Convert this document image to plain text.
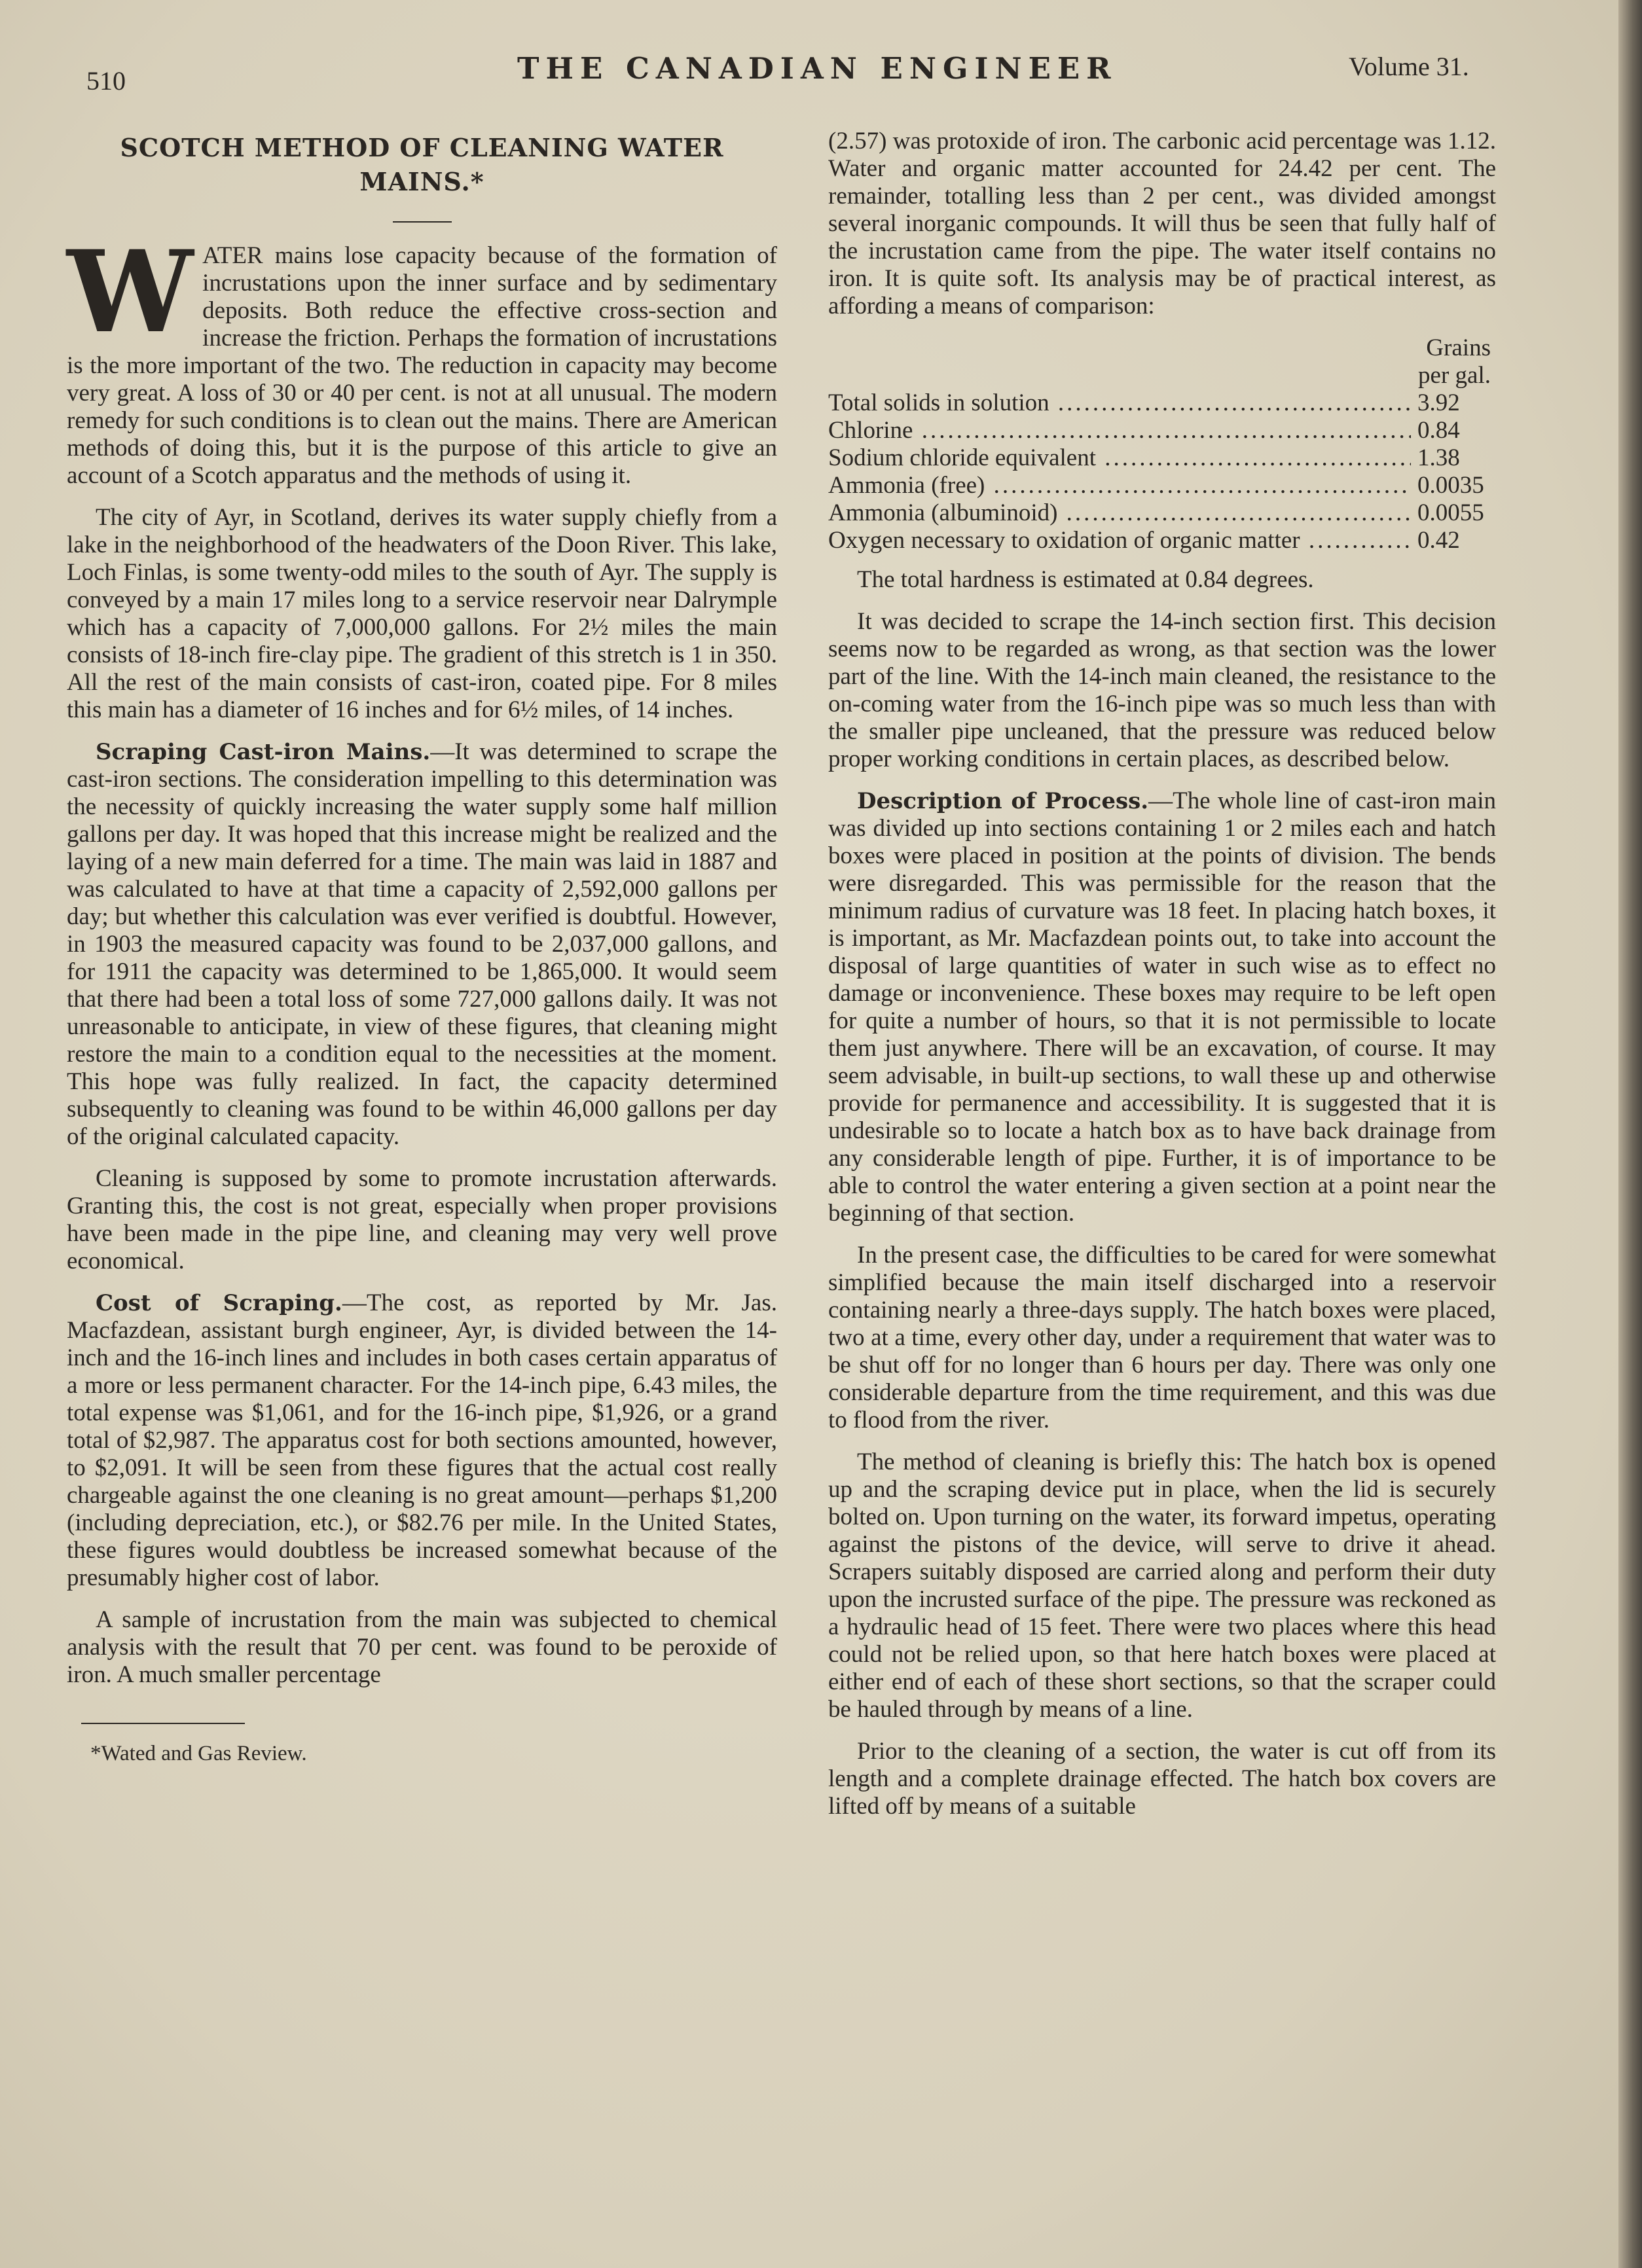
510	THE CANADIAN ENGINEER	Volume 31.
SCOTCH METHOD OF CLEANING WATER MAINS.*

WATER mains lose capacity because of the formation of incrustations upon the inner surface and by sedimentary deposits. Both reduce the effective cross-section and increase the friction. Perhaps the formation of incrustations is the more important of the two. The reduction in capacity may become very great. A loss of 30 or 40 per cent. is not at all unusual. The modern remedy for such conditions is to clean out the mains. There are American methods of doing this, but it is the purpose of this article to give an account of a Scotch apparatus and the methods of using it.

The city of Ayr, in Scotland, derives its water supply chiefly from a lake in the neighborhood of the headwaters of the Doon River. This lake, Loch Finlas, is some twenty-odd miles to the south of Ayr. The supply is conveyed by a main 17 miles long to a service reservoir near Dalrymple which has a capacity of 7,000,000 gallons. For 2½ miles the main consists of 18-inch fire-clay pipe. The gradient of this stretch is 1 in 350. All the rest of the main consists of cast-iron, coated pipe. For 8 miles this main has a diameter of 16 inches and for 6½ miles, of 14 inches.

Scraping Cast-iron Mains.—It was determined to scrape the cast-iron sections. The consideration impelling to this determination was the necessity of quickly increasing the water supply some half million gallons per day. It was hoped that this increase might be realized and the laying of a new main deferred for a time. The main was laid in 1887 and was calculated to have at that time a capacity of 2,592,000 gallons per day; but whether this calculation was ever verified is doubtful. However, in 1903 the measured capacity was found to be 2,037,000 gallons, and for 1911 the capacity was determined to be 1,865,000. It would seem that there had been a total loss of some 727,000 gallons daily. It was not unreasonable to anticipate, in view of these figures, that cleaning might restore the main to a condition equal to the necessities at the moment. This hope was fully realized. In fact, the capacity determined subsequently to cleaning was found to be within 46,000 gallons per day of the original calculated capacity.

Cleaning is supposed by some to promote incrustation afterwards. Granting this, the cost is not great, especially when proper provisions have been made in the pipe line, and cleaning may very well prove economical.

Cost of Scraping.—The cost, as reported by Mr. Jas. Macfazdean, assistant burgh engineer, Ayr, is divided between the 14-inch and the 16-inch lines and includes in both cases certain apparatus of a more or less permanent character. For the 14-inch pipe, 6.43 miles, the total expense was $1,061, and for the 16-inch pipe, $1,926, or a grand total of $2,987. The apparatus cost for both sections amounted, however, to $2,091. It will be seen from these figures that the actual cost really chargeable against the one cleaning is no great amount—perhaps $1,200 (including depreciation, etc.), or $82.76 per mile. In the United States, these figures would doubtless be increased somewhat because of the presumably higher cost of labor.

A sample of incrustation from the main was subjected to chemical analysis with the result that 70 per cent. was found to be peroxide of iron. A much smaller percentage

*Wated and Gas Review.

(2.57) was protoxide of iron. The carbonic acid percentage was 1.12. Water and organic matter accounted for 24.42 per cent. The remainder, totalling less than 2 per cent., was divided amongst several inorganic compounds. It will thus be seen that fully half of the incrustation came from the pipe. The water itself contains no iron. It is quite soft. Its analysis may be of practical interest, as affording a means of comparison:

Grains
per gal.
Total solids in solution .....	3.92
Chlorine .....	0.84
Sodium chloride equivalent .....	1.38
Ammonia (free) .....	0.0035
Ammonia (albuminoid) .....	0.0055
Oxygen necessary to oxidation of organic matter .....	0.42

The total hardness is estimated at 0.84 degrees.

It was decided to scrape the 14-inch section first. This decision seems now to be regarded as wrong, as that section was the lower part of the line. With the 14-inch main cleaned, the resistance to the on-coming water from the 16-inch pipe was so much less than with the smaller pipe uncleaned, that the pressure was reduced below proper working conditions in certain places, as described below.

Description of Process.—The whole line of cast-iron main was divided up into sections containing 1 or 2 miles each and hatch boxes were placed in position at the points of division. The bends were disregarded. This was permissible for the reason that the minimum radius of curvature was 18 feet. In placing hatch boxes, it is important, as Mr. Macfazdean points out, to take into account the disposal of large quantities of water in such wise as to effect no damage or inconvenience. These boxes may require to be left open for quite a number of hours, so that it is not permissible to locate them just anywhere. There will be an excavation, of course. It may seem advisable, in built-up sections, to wall these up and otherwise provide for permanence and accessibility. It is suggested that it is undesirable so to locate a hatch box as to have back drainage from any considerable length of pipe. Further, it is of importance to be able to control the water entering a given section at a point near the beginning of that section.

In the present case, the difficulties to be cared for were somewhat simplified because the main itself discharged into a reservoir containing nearly a three-days supply. The hatch boxes were placed, two at a time, every other day, under a requirement that water was to be shut off for no longer than 6 hours per day. There was only one considerable departure from the time requirement, and this was due to flood from the river.

The method of cleaning is briefly this: The hatch box is opened up and the scraping device put in place, when the lid is securely bolted on. Upon turning on the water, its forward impetus, operating against the pistons of the device, will serve to drive it ahead. Scrapers suitably disposed are carried along and perform their duty upon the incrusted surface of the pipe. The pressure was reckoned as a hydraulic head of 15 feet. There were two places where this head could not be relied upon, so that here hatch boxes were placed at either end of each of these short sections, so that the scraper could be hauled through by means of a line.

Prior to the cleaning of a section, the water is cut off from its length and a complete drainage effected. The hatch box covers are lifted off by means of a suitable
